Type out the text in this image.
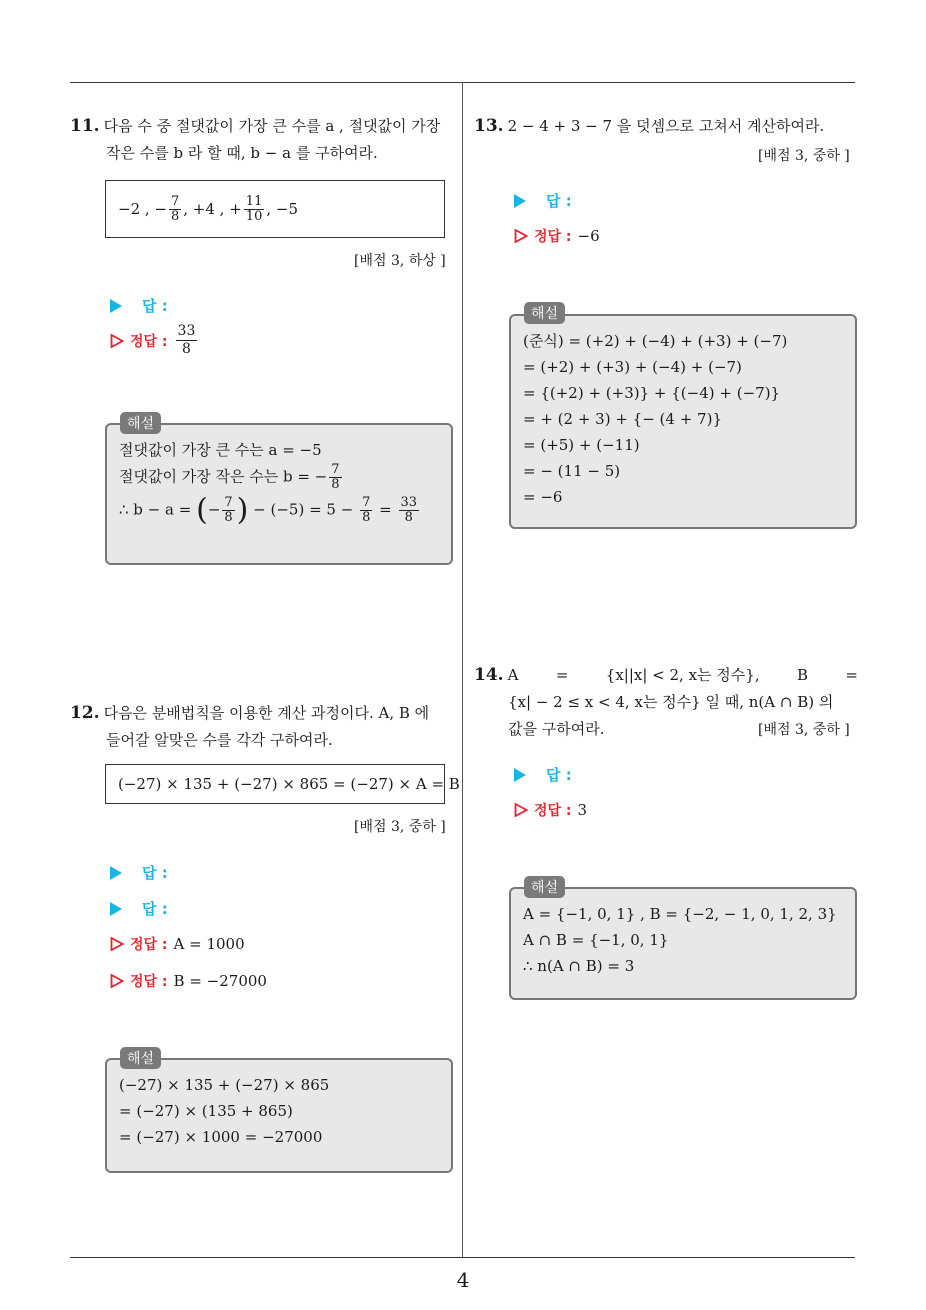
11. 다음 수 중 절댓값이 가장 큰 수를 a , 절댓값이 가장
작은 수를 b 라 할 때, b − a 를 구하여라.
−2 , − $\frac{7}{8}$ , +4 , + $\frac{11}{10}$ , −5
[배점 3, 하상 ]
답 :
정답 : $\frac{33}{8}$
절댓값이 가장 큰 수는 a = −5
절댓값이 가장 작은 수는 b = − $\frac{7}{8}$
∴ b − a = (− $\frac{7}{8}$ ) − $(-5) = 5 - \frac{7}{8} = \frac{33}{8}$
해설
12. 다음은 분배법칙을 이용한 계산 과정이다. A, B 에
들어갈 알맞은 수를 각각 구하여라.
(−27) × 135 + (−27) × 865 = (−27) × A = B
[배점 3, 중하 ]
답 :
답 :
정답 : A = 1000
정답 : B = −27000
(−27) × 135 + (−27) × 865
= (−27) × (135 + 865)
= (−27) × 1000 = −27000
해설
13. 2 − 4 + 3 − 7 을 덧셈으로 고쳐서 계산하여라.
[배점 3, 중하 ]
답 :
정답 : −6
(준식) = (+2) + (−4) + (+3) + (−7)
= (+2) + (+3) + (−4) + (−7)
= {(+2) + (+3)} + {(−4) + (−7)}
= + (2 + 3) + {− (4 + 7)}
= (+5) + (−11)
= − (11 − 5)
= −6
해설
14. A = {x||x| < 2, x는 정수}, B =
{x| − 2 ≤ x < 4, x는 정수} 일 때, n(A ∩ B) 의
값을 구하여라.	[배점 3, 중하 ]
답 :
정답 : 3
A = {−1, 0, 1} , B = {−2, − 1, 0, 1, 2, 3}
A ∩ B = {−1, 0, 1}
∴ n(A ∩ B) = 3
해설
4
